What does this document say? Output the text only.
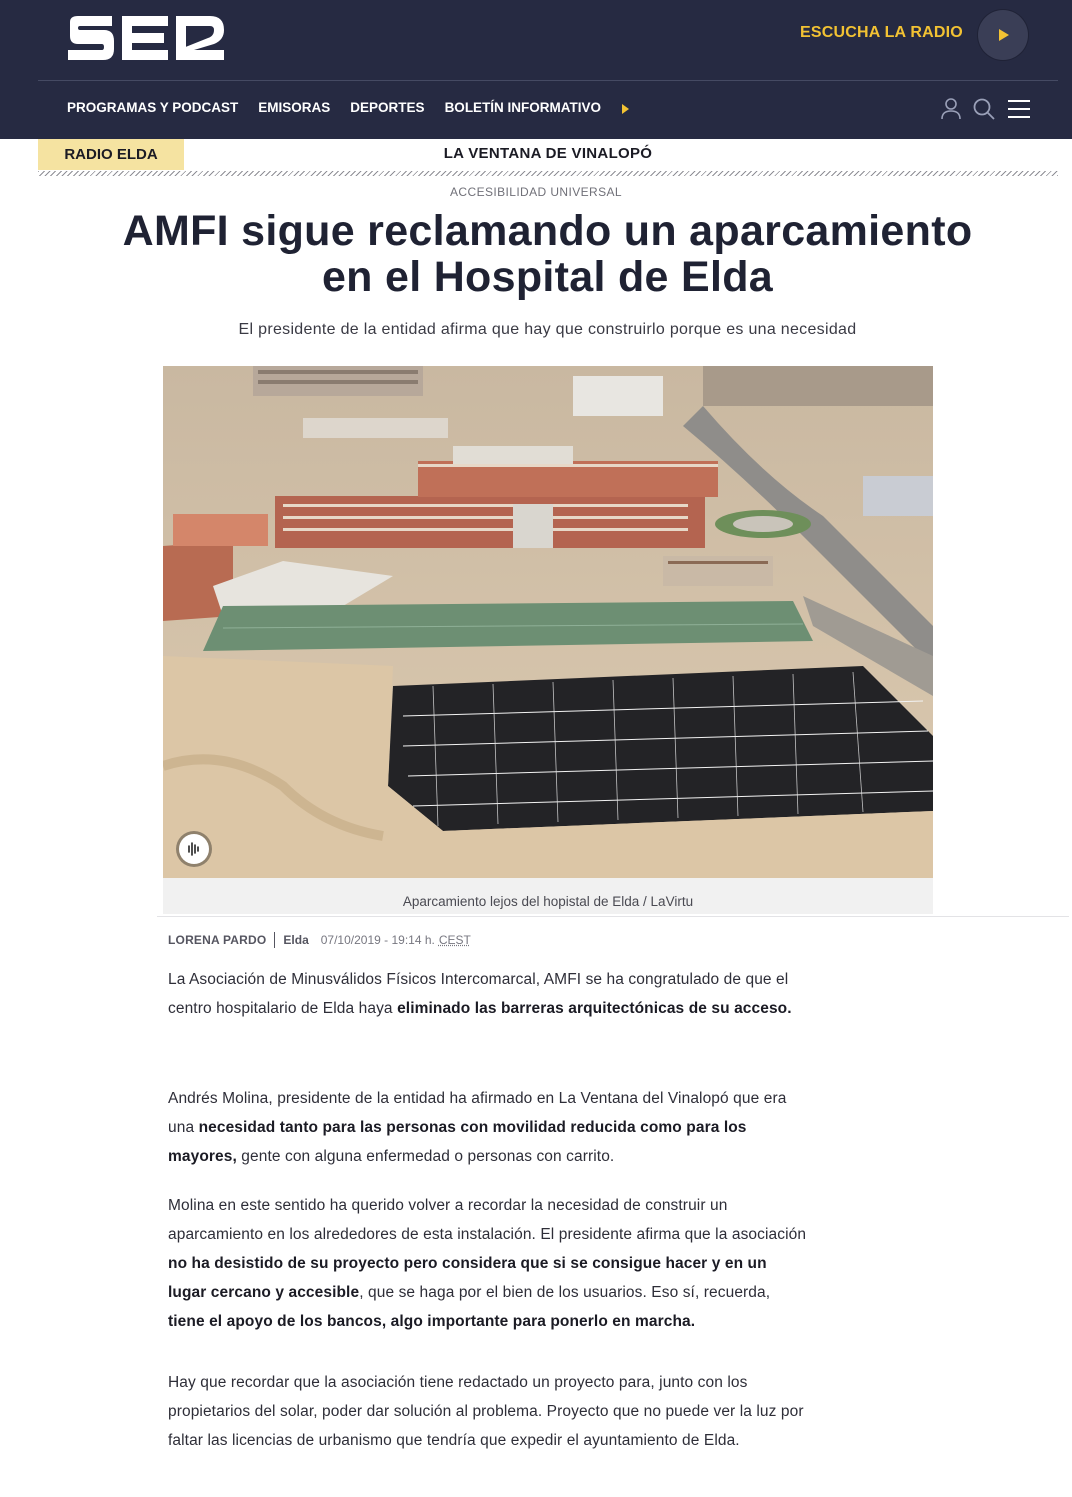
ESCUCHA LA RADIO
PROGRAMAS Y PODCAST EMISORAS DEPORTES BOLETÍN INFORMATIVO
LA VENTANA DE VINALOPÓ
RADIO ELDA
ACCESIBILIDAD UNIVERSAL
AMFI sigue reclamando un aparcamiento en el Hospital de Elda

El presidente de la entidad afirma que hay que construirlo porque es una necesidad

Aparcamiento lejos del hopistal de Elda / LaVirtu
LORENA PARDO Elda 07/10/2019 - 19:14 h. CEST

La Asociación de Minusválidos Físicos Intercomarcal, AMFI se ha congratulado de que el centro hospitalario de Elda haya eliminado las barreras arquitectónicas de su acceso.

Andrés Molina, presidente de la entidad ha afirmado en La Ventana del Vinalopó que era una necesidad tanto para las personas con movilidad reducida como para los mayores, gente con alguna enfermedad o personas con carrito.

Molina en este sentido ha querido volver a recordar la necesidad de construir un aparcamiento en los alrededores de esta instalación. El presidente afirma que la asociación no ha desistido de su proyecto pero considera que si se consigue hacer y en un lugar cercano y accesible, que se haga por el bien de los usuarios. Eso sí, recuerda, tiene el apoyo de los bancos, algo importante para ponerlo en marcha.

Hay que recordar que la asociación tiene redactado un proyecto para, junto con los propietarios del solar, poder dar solución al problema. Proyecto que no puede ver la luz por faltar las licencias de urbanismo que tendría que expedir el ayuntamiento de Elda.
